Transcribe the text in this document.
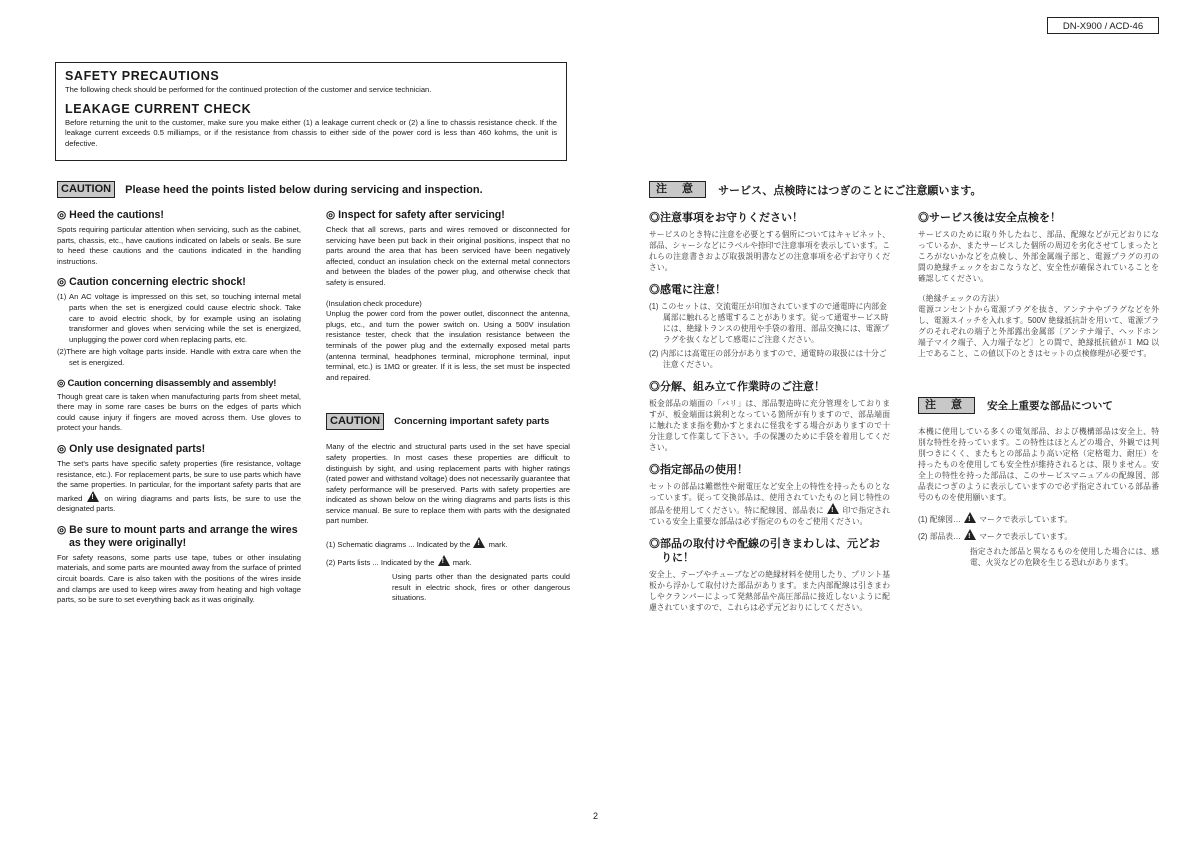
DN-X900 / ACD-46

SAFETY PRECAUTIONS

The following check should be performed for the continued protection of the customer and service technician.

LEAKAGE CURRENT CHECK

Before returning the unit to the customer, make sure you make either (1) a leakage current check or (2) a line to chassis resistance check. If the leakage current exceeds 0.5 milliamps, or if the resistance from chassis to either side of the power cord is less than 460 kohms, the unit is defective.

CAUTION	Please heed the points listed below during servicing and inspection.

◎ Heed the cautions!

Spots requiring particular attention when servicing, such as the cabinet, parts, chassis, etc., have cautions indicated on labels or seals. Be sure to heed these cautions and the cautions indicated in the handling instructions.

◎ Caution concerning electric shock!

(1) An AC voltage is impressed on this set, so touching internal metal parts when the set is energized could cause electric shock. Take care to avoid electric shock, by for example using an isolating transformer and gloves when servicing while the set is energized, unplugging the power cord when replacing parts, etc.

(2)There are high voltage parts inside. Handle with extra care when the set is energized.

◎ Caution concerning disassembly and assembly!

Though great care is taken when manufacturing parts from sheet metal, there may in some rare cases be burrs on the edges of parts which could cause injury if fingers are moved across them. Use gloves to protect your hands.

◎ Only use designated parts!

The set's parts have specific safety properties (fire resistance, voltage resistance, etc.). For replacement parts, be sure to use parts which have the same properties. In particular, for the important safety parts that are marked !	on wiring diagrams and parts lists, be sure to use the designated parts.

◎ Be sure to mount parts and arrange the wires as they were originally!

For safety reasons, some parts use tape, tubes or other insulating materials, and some parts are mounted away from the surface of printed circuit boards. Care is also taken with the positions of the wires inside and clamps are used to keep wires away from heating and high voltage parts, so be sure to set everything back as it was originally.

◎ Inspect for safety after servicing!

Check that all screws, parts and wires removed or disconnected for servicing have been put back in their original positions, inspect that no parts around the area that has been serviced have been negatively affected, conduct an insulation check on the external metal connectors and between the blades of the power plug, and otherwise check that safety is ensured.

(Insulation check procedure)

Unplug the power cord from the power outlet, disconnect the antenna, plugs, etc., and turn the power switch on. Using a 500V insulation resistance tester, check that the insulation resistance between the terminals of the power plug and the externally exposed metal parts (antenna terminal, headphones terminal, microphone terminal, input terminal, etc.) is 1MΩ or greater. If it is less, the set must be inspected and repaired.

CAUTION	Concerning important safety parts

Many of the electric and structural parts used in the set have special safety properties. In most cases these properties are difficult to distinguish by sight, and using replacement parts with higher ratings (rated power and withstand voltage) does not necessarily guarantee that safety performance will be preserved. Parts with safety properties are indicated as shown below on the wiring diagrams and parts lists is this service manual. Be sure to replace them with parts with the designated part number.

(1) Schematic diagrams ... Indicated by the ! mark.

(2) Parts lists ... Indicated by the ! mark.

Using parts other than the designated parts could result in electric shock, fires or other dangerous situations.

注 意	サービス、点検時にはつぎのことにご注意願います。

◎注意事項をお守りください！

サービスのとき特に注意を必要とする個所についてはキャビネット、部品、シャーシなどにラベルや捺印で注意事項を表示しています。これらの注意書きおよび取扱説明書などの注意事項を必ずお守りください。

◎感電に注意！

(1) このセットは、交流電圧が印加されていますので通電時に内部金属部に触れると感電することがあります。従って通電サービス時には、絶縁トランスの使用や手袋の着用、部品交換には、電源プラグを抜くなどして感電にご注意ください。

(2) 内部には高電圧の部分がありますので、通電時の取扱には十分ご注意ください。

◎分解、組み立て作業時のご注意！

板金部品の端面の「バリ」は、部品製造時に充分管理をしておりますが、板金端面は鋭利となっている箇所が有りますので、部品端面に触れたまま指を動かすとまれに怪我をする場合がありますので十分注意して作業して下さい。手の保護のために手袋を着用してください。

◎指定部品の使用！

セットの部品は難燃性や耐電圧など安全上の特性を持ったものとなっています。従って交換部品は、使用されていたものと同じ特性の部品を使用してください。特に配線図、部品表に ! 印で指定されている安全上重要な部品は必ず指定のものをご使用ください。

◎部品の取付けや配線の引きまわしは、元どおりに！

安全上、テープやチューブなどの絶縁材料を使用したり、プリント基板から浮かして取付けた部品があります。また内部配線は引きまわしやクランパーによって発熱部品や高圧部品に接近しないように配慮されていますので、これらは必ず元どおりにしてください。

◎サービス後は安全点検を！

サービスのために取り外したねじ、部品、配線などが元どおりになっているか、またサービスした個所の周辺を劣化させてしまったところがないかなどを点検し、外部金属端子部と、電源プラグの刃の間の絶縁チェックをおこなうなど、安全性が確保されていることを確認してください。

（絶縁チェックの方法）

電源コンセントから電源プラグを抜き、アンテナやプラグなどを外し、電源スイッチを入れます。500V 絶縁抵抗計を用いて、電源プラグのそれぞれの端子と外部露出金属部〔アンテナ端子、ヘッドホン端子マイク端子、入力端子など〕との間で、絶縁抵抗値が１ MΩ 以上であること、この値以下のときはセットの点検修理が必要です。

注 意	安全上重要な部品について

本機に使用している多くの電気部品、および機構部品は安全上、特別な特性を持っています。この特性はほとんどの場合、外観では判別つきにくく、またもとの部品より高い定格（定格電力、耐圧）を持ったものを使用しても安全性が維持されるとは、限りません。安全上の特性を持った部品は、このサービスマニュアルの配線図、部品表につぎのように表示していますので必ず指定されている部品番号のものを使用願います。

(1) 配線図… ! マークで表示しています。

(2) 部品表… ! マークで表示しています。

指定された部品と異なるものを使用した場合には、感電、火災などの危険を生じる恐れがあります。

2
